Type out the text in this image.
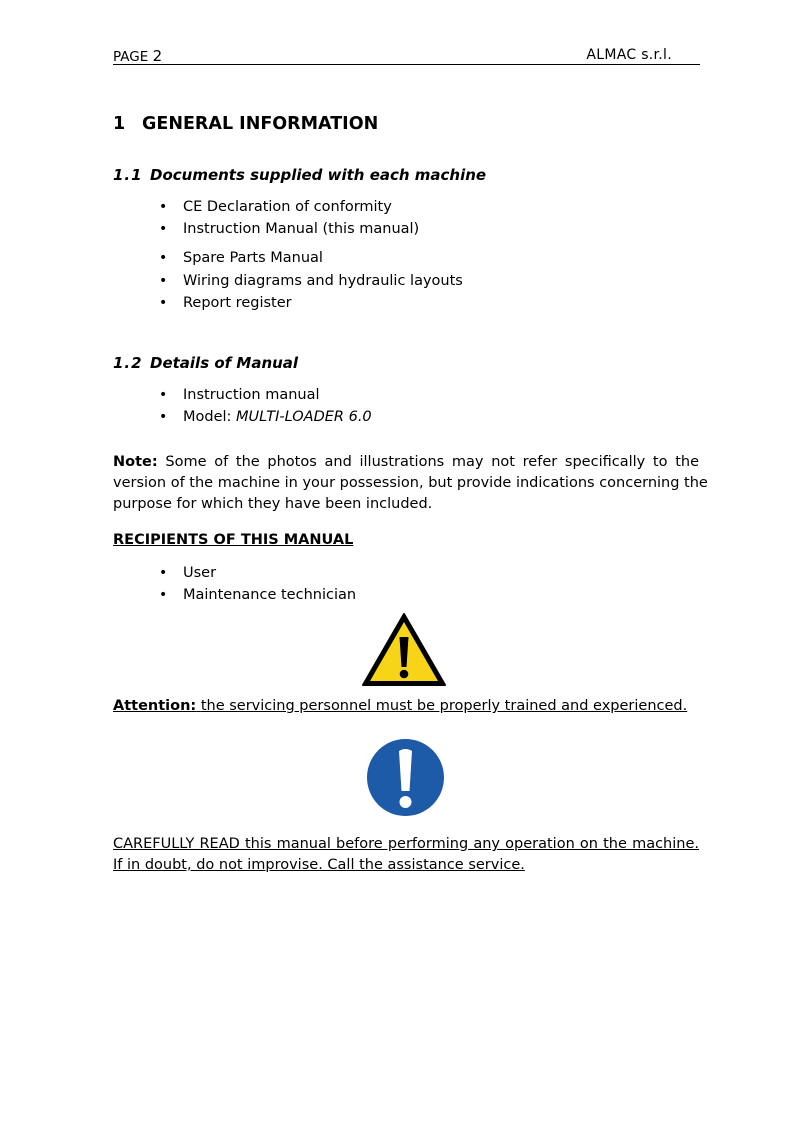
PAGE 2	ALMAC s.r.l.
1 GENERAL INFORMATION
1.1 Documents supplied with each machine
• CE Declaration of conformity
• Instruction Manual (this manual)
• Spare Parts Manual
• Wiring diagrams and hydraulic layouts
• Report register
1.2 Details of Manual
• Instruction manual
• Model: MULTI-LOADER 6.0
Note: Some of the photos and illustrations may not refer specifically to the
version of the machine in your possession, but provide indications concerning the
purpose for which they have been included.
RECIPIENTS OF THIS MANUAL
• User
• Maintenance technician
Attention: the servicing personnel must be properly trained and experienced.
CAREFULLY READ this manual before performing any operation on the machine.
If in doubt, do not improvise. Call the assistance service.
